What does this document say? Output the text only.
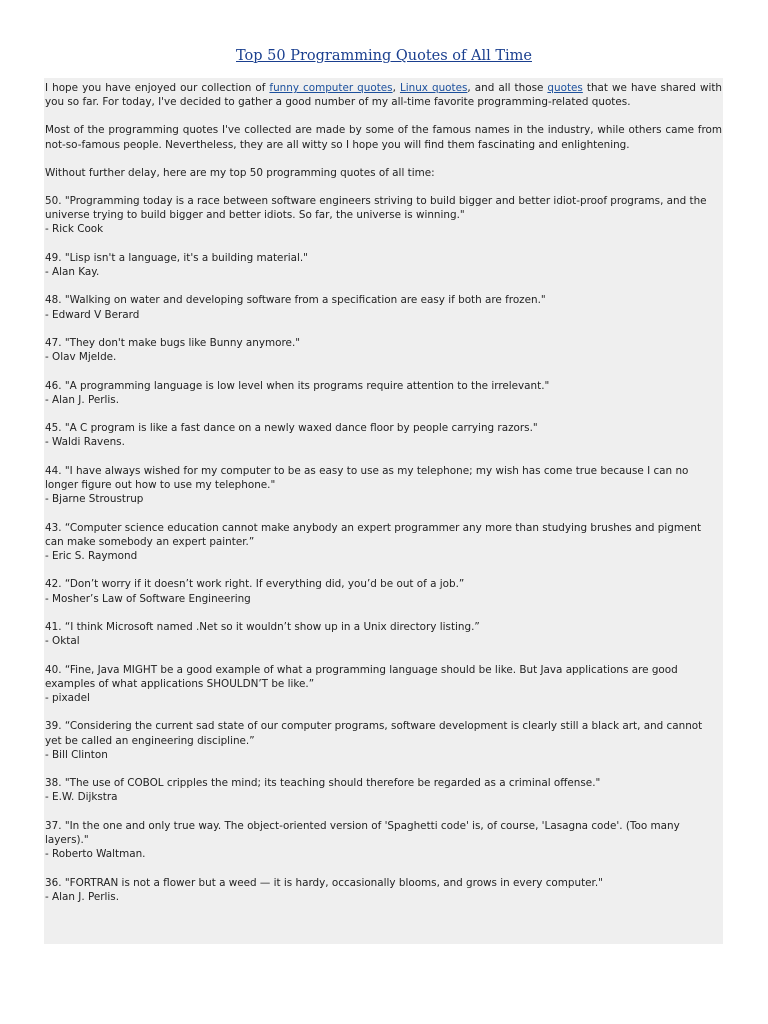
Top 50 Programming Quotes of All Time

I hope you have enjoyed our collection of funny computer quotes, Linux quotes, and all those quotes that we have shared with you so far. For today, I've decided to gather a good number of my all-time favorite programming-related quotes.

Most of the programming quotes I've collected are made by some of the famous names in the industry, while others came from not-so-famous people. Nevertheless, they are all witty so I hope you will find them fascinating and enlightening.

Without further delay, here are my top 50 programming quotes of all time:

50. "Programming today is a race between software engineers striving to build bigger and better idiot-proof programs, and the universe trying to build bigger and better idiots. So far, the universe is winning."
- Rick Cook
49. "Lisp isn't a language, it's a building material."
- Alan Kay.
48. "Walking on water and developing software from a specification are easy if both are frozen."
- Edward V Berard
47. "They don't make bugs like Bunny anymore."
- Olav Mjelde.
46. "A programming language is low level when its programs require attention to the irrelevant."
- Alan J. Perlis.
45. "A C program is like a fast dance on a newly waxed dance floor by people carrying razors."
- Waldi Ravens.
44. "I have always wished for my computer to be as easy to use as my telephone; my wish has come true because I can no longer figure out how to use my telephone."
- Bjarne Stroustrup
43. “Computer science education cannot make anybody an expert programmer any more than studying brushes and pigment can make somebody an expert painter.”
- Eric S. Raymond
42. “Don’t worry if it doesn’t work right. If everything did, you’d be out of a job.”
- Mosher’s Law of Software Engineering
41. “I think Microsoft named .Net so it wouldn’t show up in a Unix directory listing.”
- Oktal
40. “Fine, Java MIGHT be a good example of what a programming language should be like. But Java applications are good examples of what applications SHOULDN’T be like.”
- pixadel
39. “Considering the current sad state of our computer programs, software development is clearly still a black art, and cannot yet be called an engineering discipline.”
- Bill Clinton
38. "The use of COBOL cripples the mind; its teaching should therefore be regarded as a criminal offense."
- E.W. Dijkstra
37. "In the one and only true way. The object-oriented version of 'Spaghetti code' is, of course, 'Lasagna code'. (Too many layers)."
- Roberto Waltman.
36. "FORTRAN is not a flower but a weed — it is hardy, occasionally blooms, and grows in every computer."
- Alan J. Perlis.
